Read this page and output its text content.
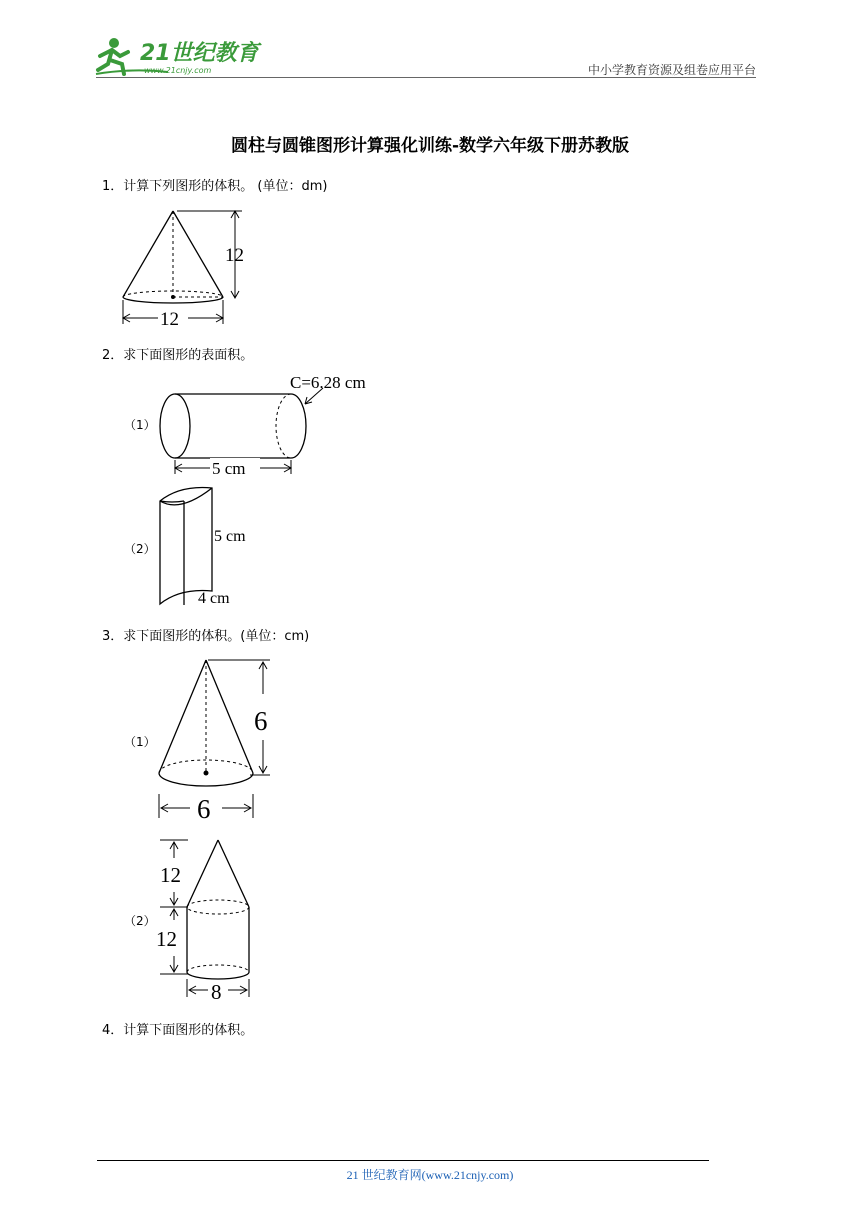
21世纪教育
www.21cnjy.com	中小学教育资源及组卷应用平台
圆柱与圆锥图形计算强化训练-数学六年级下册苏教版
1．计算下列图形的体积。 (单位：dm)
12
12
2．求下面图形的表面积。
（1）
C=6.28 cm
5 cm
（2）
5 cm
4 cm
3．求下面图形的体积。(单位：cm)
（1）
6
6
（2）
12
12
8
4．计算下面图形的体积。
21 世纪教育网(www.21cnjy.com)
